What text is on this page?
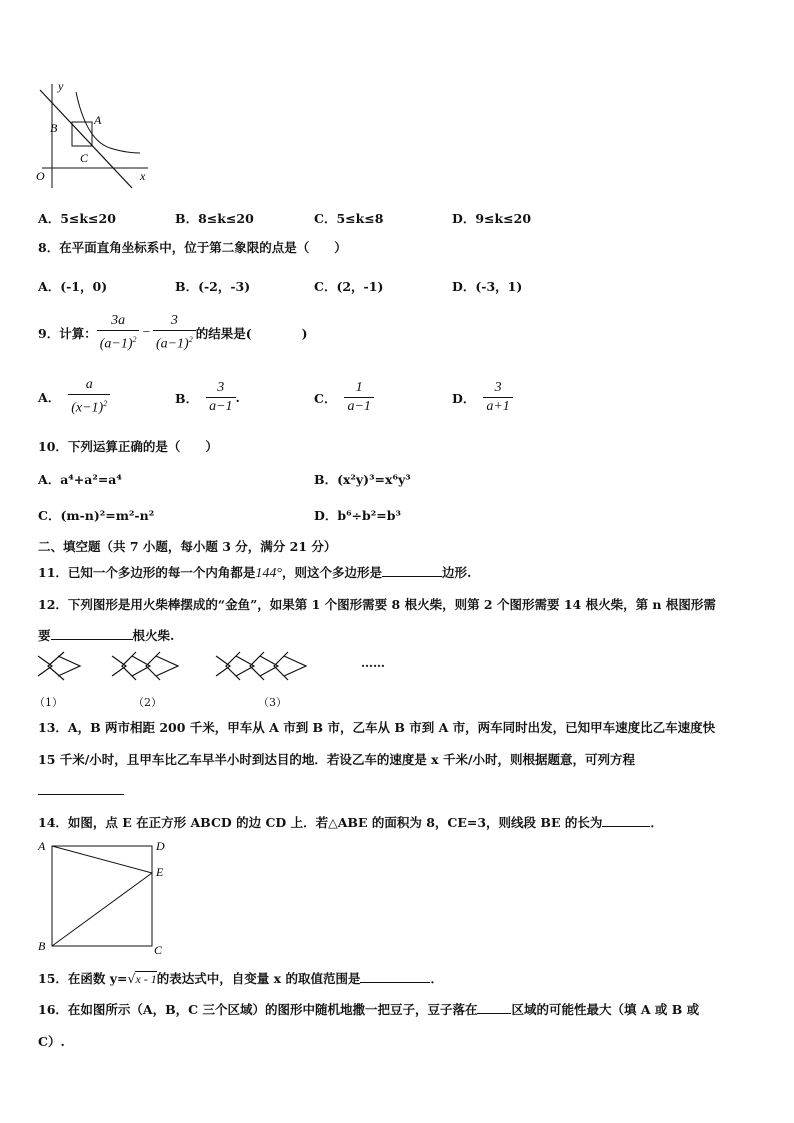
y
x
O
A
B
C
A．5≤k≤20	B．8≤k≤20	C．5≤k≤8	D．9≤k≤20
8．在平面直角坐标系中，位于第二象限的点是（　　）
A．(-1，0)	B．(-2，-3)	C．(2，-1)	D．(-3，1)
9．计算： $\frac{3a}{(a-1)^2} - \frac{3}{(a-1)^2}$ 的结果是(　　　　)
A． $\frac{a}{(x-1)^2}$	B． $\frac{3}{a-1}$ .	C． $\frac{1}{a-1}$	D． $\frac{3}{a+1}$
10．下列运算正确的是（　　）
A．a⁴+a²=a⁴	B．(x²y)³=x⁶y³
C．(m-n)²=m²-n²	D．b⁶÷b²=b³
二、填空题（共 7 小题，每小题 3 分，满分 21 分）
11．已知一个多边形的每一个内角都是144°，则这个多边形是	边形.
12．下列图形是用火柴棒摆成的“金鱼”，如果第 1 个图形需要 8 根火柴，则第 2 个图形需要 14 根火柴，第 n 根图形需
要	根火柴.
……
（1）	（2）	（3）
13．A，B 两市相距 200 千米，甲车从 A 市到 B 市，乙车从 B 市到 A 市，两车同时出发，已知甲车速度比乙车速度快
15 千米/小时，且甲车比乙车早半小时到达目的地．若设乙车的速度是 x 千米/小时，则根据题意，可列方程
14．如图，点 E 在正方形 ABCD 的边 CD 上．若△ABE 的面积为 8，CE=3，则线段 BE 的长为	．
A	D
E
B	C
15．在函数 y=√x - 1的表达式中，自变量 x 的取值范围是	．
16．在如图所示（A，B，C 三个区域）的图形中随机地撒一把豆子，豆子落在	区域的可能性最大（填 A 或 B 或
C）.
